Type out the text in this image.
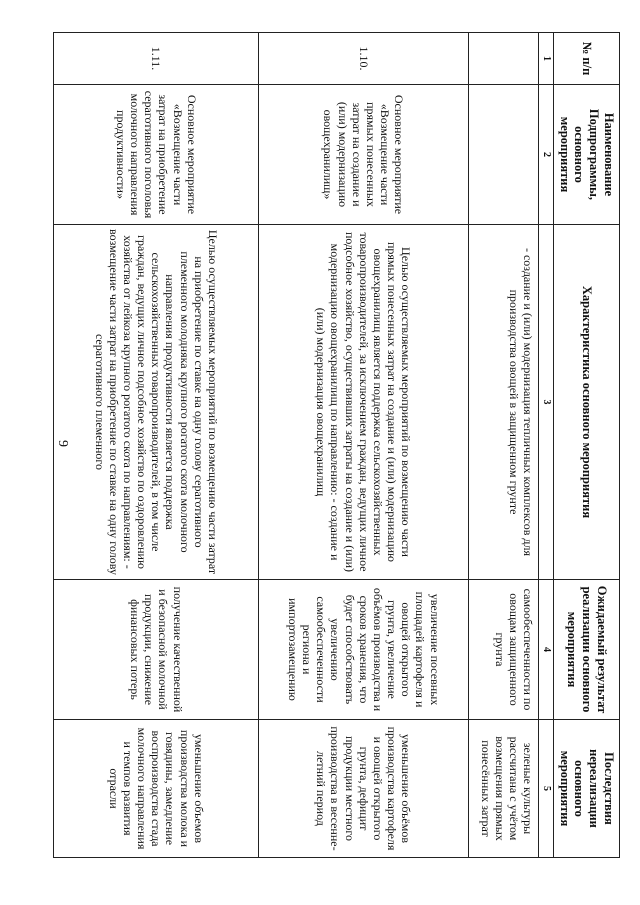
9
№ п/п	Наименование Подпрограммы, основного мероприятия	Характеристика основного мероприятия	Ожидаемый результат реализации основного мероприятия	Последствия нереализации основного мероприятия
1	2	3	4	5
		- создание и (или) модернизация тепличных комплексов для производства овощей в защищенном грунте	самообеспеченности по овощам защищенного грунта	зеленые культуры рассчитана с учётом возмещения прямых понесённых затрат
1.10.	Основное мероприятие «Возмещение части прямых понесенных затрат на создание и (или) модернизацию овощехранилищ»	Целью осуществляемых мероприятий по возмещению части прямых понесенных затрат на создание и (или) модернизацию овощехранилищ является поддержка сельскохозяйственных товаропроизводителей, за исключением граждан, ведущих личное подсобное хозяйство, осуществивших затраты на создание и (или) модернизацию овощехранилищ по направлению: - создание и (или) модернизация овощехранилищ	увеличение посевных площадей картофеля и овощей открытого грунта, увеличение объёмов производства и сроков хранения, что будет способствовать увеличению самообеспеченности региона и импортозамещению	уменьшение объёмов производства картофеля и овощей открытого грунта, дефицит продукции местного производства в весенне-летний период
1.11.	Основное мероприятие «Возмещение части затрат на приобретение сераготивного поголовья молочного направления продуктивности»	Целью осуществляемых мероприятий по возмещению части затрат на приобретение по ставке на одну голову сераготивного племенного молодняка крупного рогатого скота молочного направления продуктивности является поддержка сельскохозяйственных товаропроизводителей, в том числе граждан, ведущих личное подсобное хозяйство по оздоровлению хозяйства от лейкоза крупного рогатого скота по направлениям: - возмещение части затрат на приобретение по ставке на одну голову сераготивного племенного	получение качественной и безопасной молочной продукции, снижение финансовых потерь	уменьшение объемов производства молока и говядины, замедление воспроизводства стада молочного направления и темпов развития отрасли
